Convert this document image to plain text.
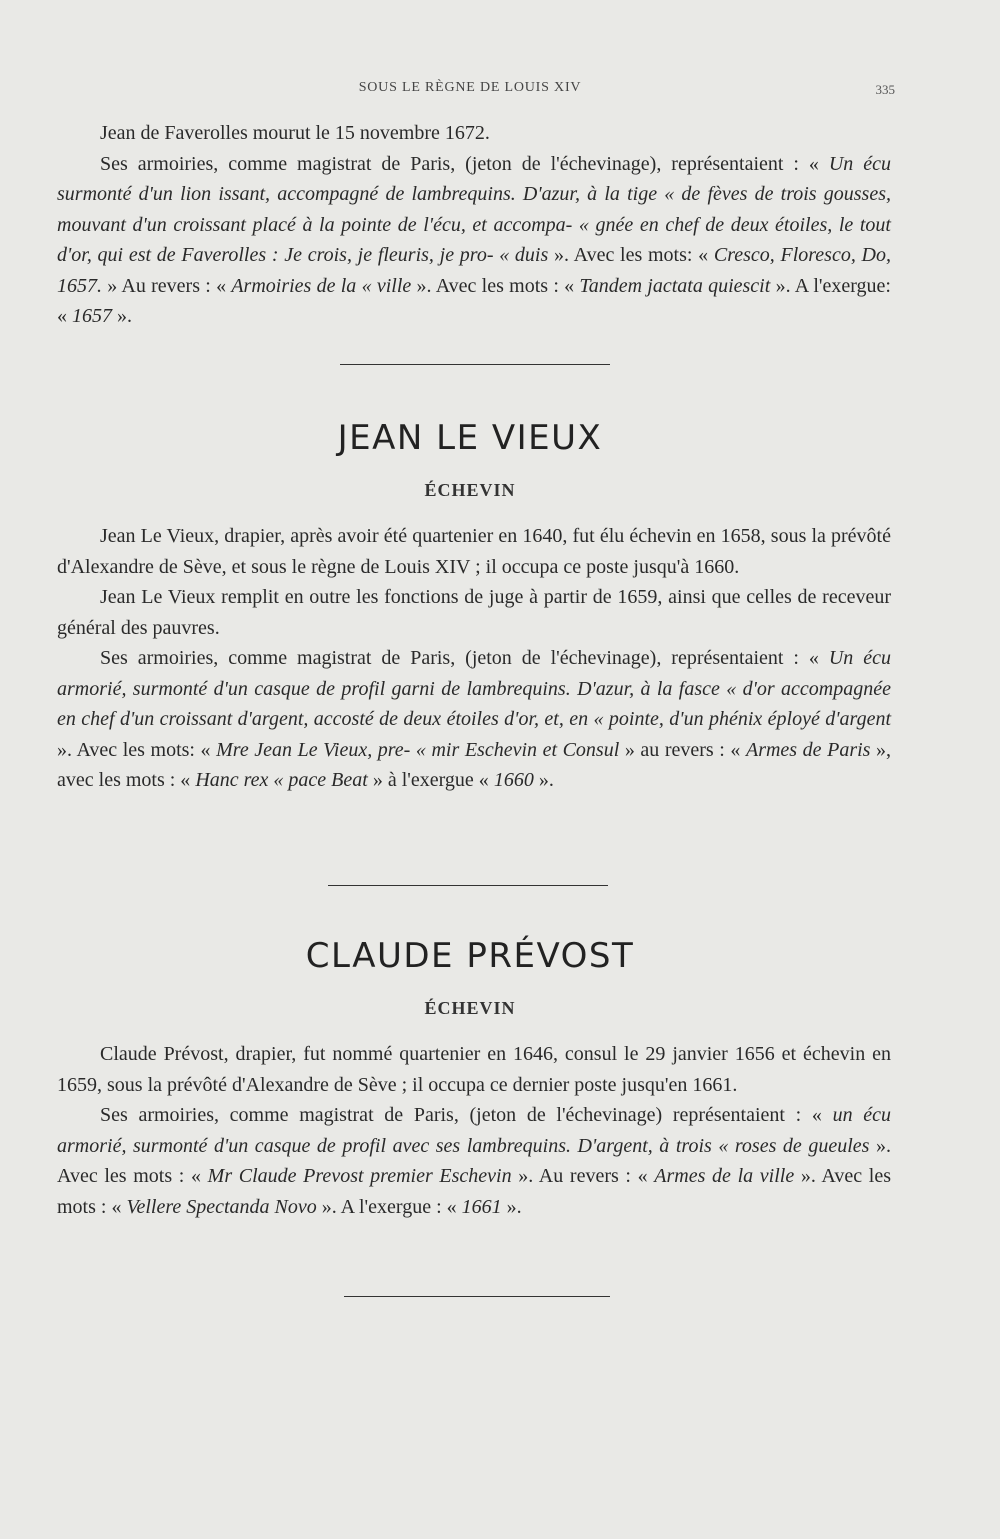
SOUS LE RÈGNE DE LOUIS XIV	335

Jean de Faverolles mourut le 15 novembre 1672.

Ses armoiries, comme magistrat de Paris, (jeton de l'échevinage), représentaient : « Un écu surmonté d'un lion issant, accompagné de lambrequins. D'azur, à la tige « de fèves de trois gousses, mouvant d'un croissant placé à la pointe de l'écu, et accompa- « gnée en chef de deux étoiles, le tout d'or, qui est de Faverolles : Je crois, je fleuris, je pro- « duis ». Avec les mots: « Cresco, Floresco, Do, 1657. » Au revers : « Armoiries de la « ville ». Avec les mots : « Tandem jactata quiescit ». A l'exergue: « 1657 ».

JEAN LE VIEUX
ÉCHEVIN

Jean Le Vieux, drapier, après avoir été quartenier en 1640, fut élu échevin en 1658, sous la prévôté d'Alexandre de Sève, et sous le règne de Louis XIV ; il occupa ce poste jusqu'à 1660.

Jean Le Vieux remplit en outre les fonctions de juge à partir de 1659, ainsi que celles de receveur général des pauvres.

Ses armoiries, comme magistrat de Paris, (jeton de l'échevinage), représentaient : « Un écu armorié, surmonté d'un casque de profil garni de lambrequins. D'azur, à la fasce « d'or accompagnée en chef d'un croissant d'argent, accosté de deux étoiles d'or, et, en « pointe, d'un phénix éployé d'argent ». Avec les mots: « Mre Jean Le Vieux, pre- « mir Eschevin et Consul » au revers : « Armes de Paris », avec les mots : « Hanc rex « pace Beat » à l'exergue « 1660 ».

CLAUDE PRÉVOST
ÉCHEVIN

Claude Prévost, drapier, fut nommé quartenier en 1646, consul le 29 janvier 1656 et échevin en 1659, sous la prévôté d'Alexandre de Sève ; il occupa ce dernier poste jusqu'en 1661.

Ses armoiries, comme magistrat de Paris, (jeton de l'échevinage) représentaient : « un écu armorié, surmonté d'un casque de profil avec ses lambrequins. D'argent, à trois « roses de gueules ». Avec les mots : « Mr Claude Prevost premier Eschevin ». Au revers : « Armes de la ville ». Avec les mots : « Vellere Spectanda Novo ». A l'exergue : « 1661 ».
